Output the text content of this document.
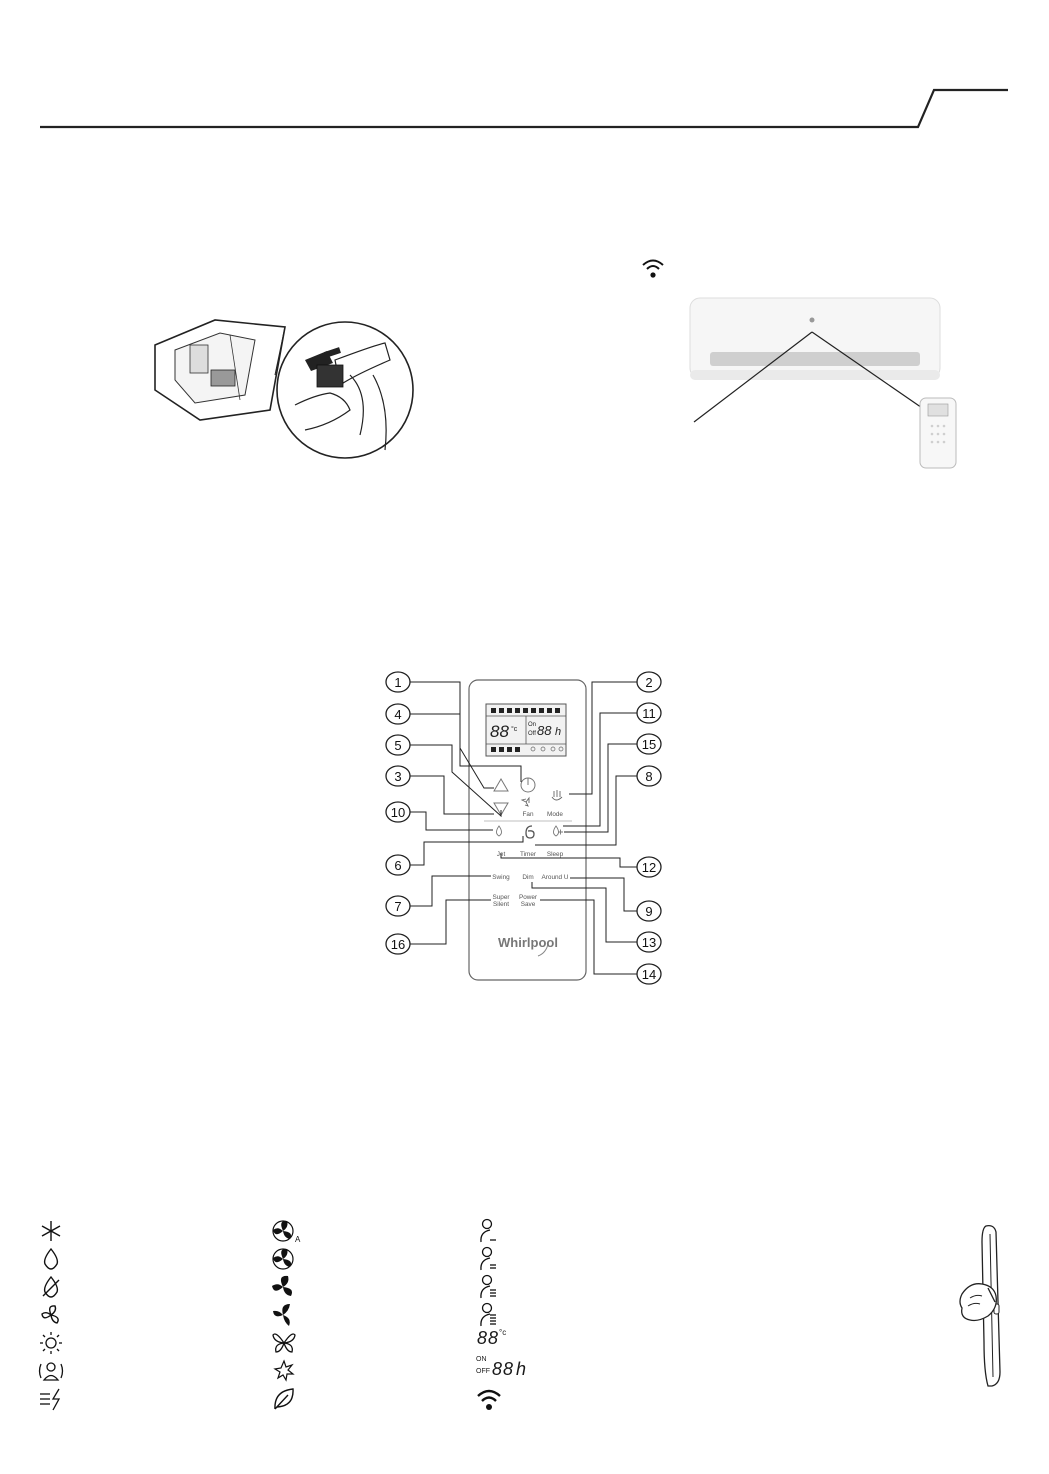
1
4
5
3
10
6
7
16
2
11
15
8
12
9
13
14
88 °c
On
Off 88 h
Fan Mode
Timer Sleep
Jet
Swing Dim Around U
Super
Silent
Power
Save
Whirlpool
A
$88^{^\circ c}$
ON
OFF 88 h
